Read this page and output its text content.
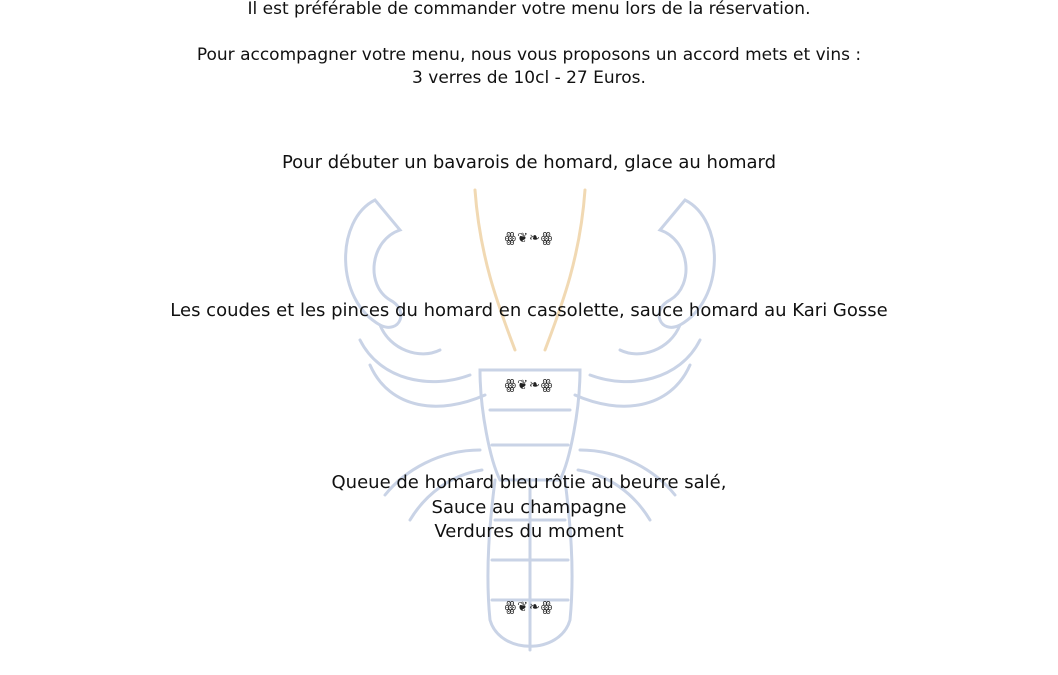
Il est préférable de commander votre menu lors de la réservation.
Pour accompagner votre menu, nous vous proposons un accord mets et vins :
3 verres de 10cl - 27 Euros.
Pour débuter un bavarois de homard, glace au homard
ꙮ❦❧ꙮ
Les coudes et les pinces du homard en cassolette, sauce homard au Kari Gosse
ꙮ❦❧ꙮ
Queue de homard bleu rôtie au beurre salé,
Sauce au champagne
Verdures du moment
ꙮ❦❧ꙮ
